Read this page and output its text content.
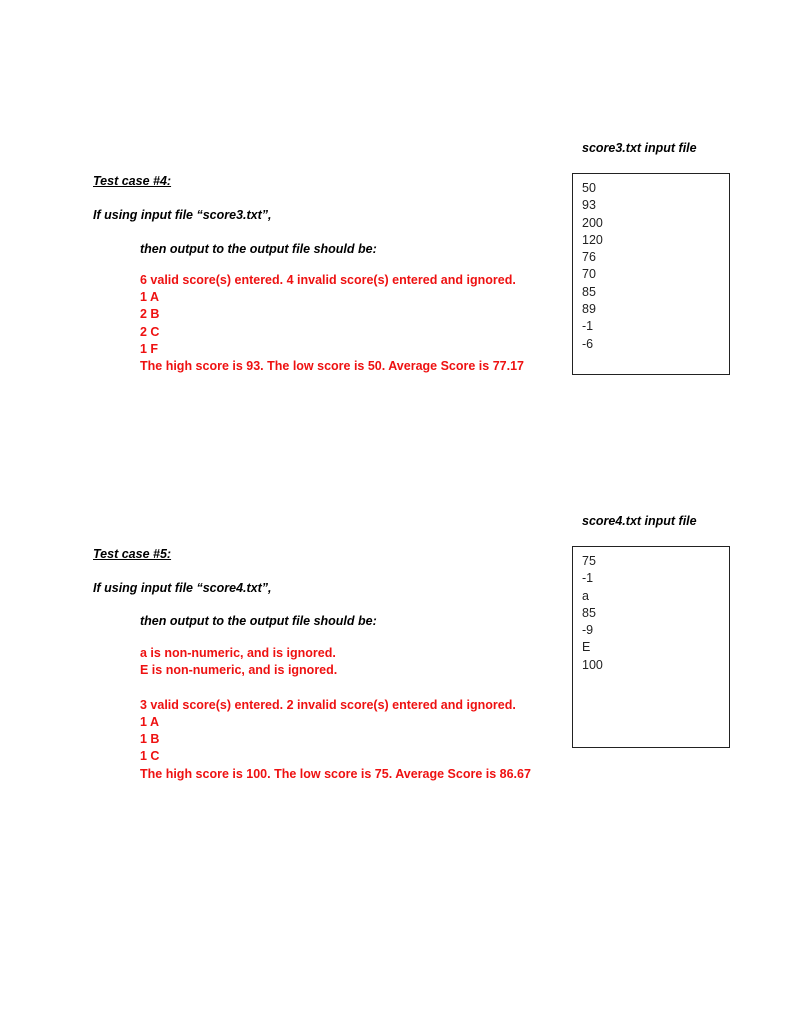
Test case #4:
If using input file “score3.txt”,
then output to the output file should be:
6 valid score(s) entered. 4 invalid score(s) entered and ignored.
1 A
2 B
2 C
1 F
The high score is 93. The low score is 50. Average Score is 77.17
score3.txt input file
50
93
200
120
76
70
85
89
-1
-6
Test case #5:
If using input file “score4.txt”,
then output to the output file should be:
a is non-numeric, and is ignored.
E is non-numeric, and is ignored.
3 valid score(s) entered. 2 invalid score(s) entered and ignored.
1 A
1 B
1 C
The high score is 100. The low score is 75. Average Score is 86.67
score4.txt input file
75
-1
a
85
-9
E
100
